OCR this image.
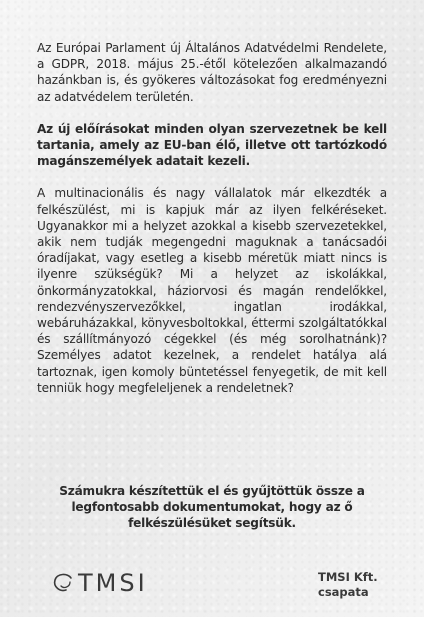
Az Európai Parlament új Általános Adatvédelmi Rendelete, a GDPR, 2018. május 25.-étől kötelezően alkalmazandó hazánkban is, és gyökeres változásokat fog eredményezni az adatvédelem területén.

Az új előírásokat minden olyan szervezetnek be kell tartania, amely az EU-ban élő, illetve ott tartózkodó magánszemélyek adatait kezeli.

A multinacionális és nagy vállalatok már elkezdték a felkészülést, mi is kapjuk már az ilyen felkéréseket. Ugyanakkor mi a helyzet azokkal a kisebb szervezetekkel, akik nem tudják megengedni maguknak a tanácsadói óradíjakat, vagy esetleg a kisebb méretük miatt nincs is ilyenre szükségük? Mi a helyzet az iskolákkal, önkormányzatokkal, háziorvosi és magán rendelőkkel, rendezvényszervezőkkel, ingatlan irodákkal, webáruházakkal, könyvesboltokkal, éttermi szolgáltatókkal és szállítmányozó cégekkel (és még sorolhatnánk)? Személyes adatot kezelnek, a rendelet hatálya alá tartoznak, igen komoly büntetéssel fenyegetik, de mit kell tenniük hogy megfeleljenek a rendeletnek?

Számukra készítettük el és gyűjtöttük össze a legfontosabb dokumentumokat, hogy az ő felkészülésüket segítsük.

TMSI	TMSI Kft.
csapata
